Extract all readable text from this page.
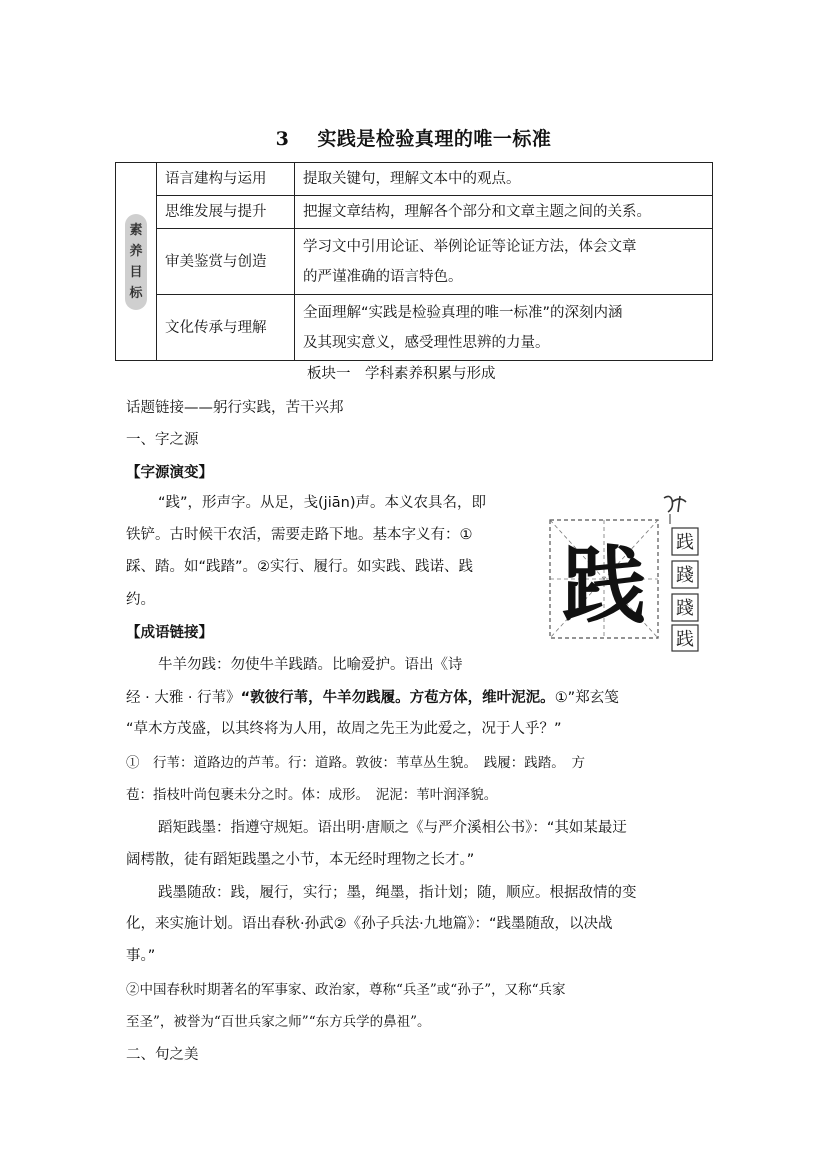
3 实践是检验真理的唯一标准
素
养
目
标	语言建构与运用	提取关键句，理解文本中的观点。
	思维发展与提升	把握文章结构，理解各个部分和文章主题之间的关系。
	审美鉴赏与创造	学习文中引用论证、举例论证等论证方法，体会文章
的严谨准确的语言特色。

	文化传承与理解	全面理解“实践是检验真理的唯一标准”的深刻内涵
及其现实意义，感受理性思辨的力量。
板块一　学科素养积累与形成
话题链接——躬行实践，苦干兴邦
一、字之源
【字源演变】
“践”，形声字。从足，戋(jiān)声。本义农具名，即
铁铲。古时候干农活，需要走路下地。基本字义有：①
踩、踏。如“践踏”。②实行、履行。如实践、践诺、践
约。	践 践
踐
踐
践
【成语链接】
牛羊勿践：勿使牛羊践踏。比喻爱护。语出《诗
经 · 大雅 · 行苇》“敦彼行苇，牛羊勿践履。方苞方体，维叶泥泥。①”郑玄笺
“草木方茂盛，以其终将为人用，故周之先王为此爱之，况于人乎？”
①　行苇：道路边的芦苇。行：道路。敦彼：苇草丛生貌。　践履：践踏。　方
苞：指枝叶尚包裹未分之时。体：成形。　泥泥：苇叶润泽貌。
蹈矩践墨：指遵守规矩。语出明·唐顺之《与严介溪相公书》：“其如某最迂
阔樗散，徒有蹈矩践墨之小节，本无经时理物之长才。”
践墨随敌：践，履行，实行；墨，绳墨，指计划；随，顺应。根据敌情的变
化，来实施计划。语出春秋·孙武②《孙子兵法·九地篇》：“践墨随敌，以决战
事。”
②中国春秋时期著名的军事家、政治家，尊称“兵圣”或“孙子”，又称“兵家
至圣”，被誉为“百世兵家之师”“东方兵学的鼻祖”。
二、句之美
